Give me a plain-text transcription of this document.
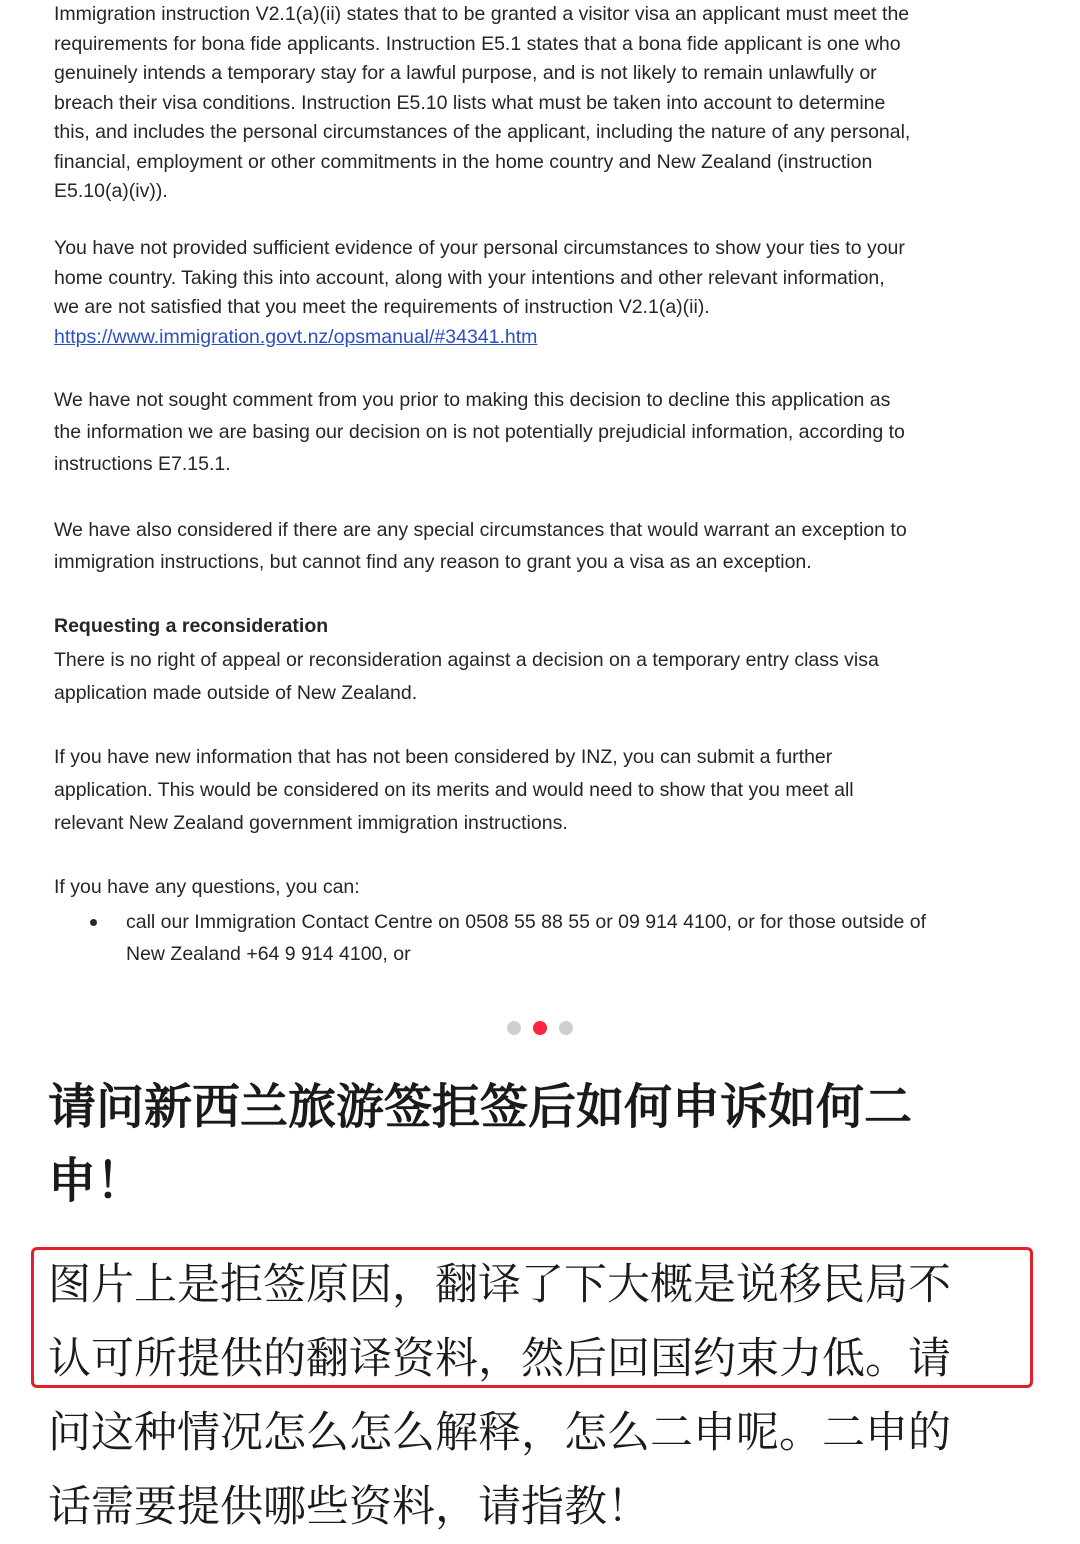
Immigration instruction V2.1(a)(ii) states that to be granted a visitor visa an applicant must meet the
requirements for bona fide applicants. Instruction E5.1 states that a bona fide applicant is one who
genuinely intends a temporary stay for a lawful purpose, and is not likely to remain unlawfully or
breach their visa conditions. Instruction E5.10 lists what must be taken into account to determine
this, and includes the personal circumstances of the applicant, including the nature of any personal,
financial, employment or other commitments in the home country and New Zealand (instruction
E5.10(a)(iv)).

You have not provided sufficient evidence of your personal circumstances to show your ties to your
home country. Taking this into account, along with your intentions and other relevant information,
we are not satisfied that you meet the requirements of instruction V2.1(a)(ii).
https://www.immigration.govt.nz/opsmanual/#34341.htm

We have not sought comment from you prior to making this decision to decline this application as
the information we are basing our decision on is not potentially prejudicial information, according to
instructions E7.15.1.

We have also considered if there are any special circumstances that would warrant an exception to
immigration instructions, but cannot find any reason to grant you a visa as an exception.

Requesting a reconsideration

There is no right of appeal or reconsideration against a decision on a temporary entry class visa
application made outside of New Zealand.

If you have new information that has not been considered by INZ, you can submit a further
application. This would be considered on its merits and would need to show that you meet all
relevant New Zealand government immigration instructions.

If you have any questions, you can:

call our Immigration Contact Centre on 0508 55 88 55 or 09 914 4100, or for those outside of
New Zealand +64 9 914 4100, or
请问新西兰旅游签拒签后如何申诉如何二
申！
图片上是拒签原因，翻译了下大概是说移民局不
认可所提供的翻译资料，然后回国约束力低。请
问这种情况怎么怎么解释，怎么二申呢。二申的
话需要提供哪些资料，请指教！
